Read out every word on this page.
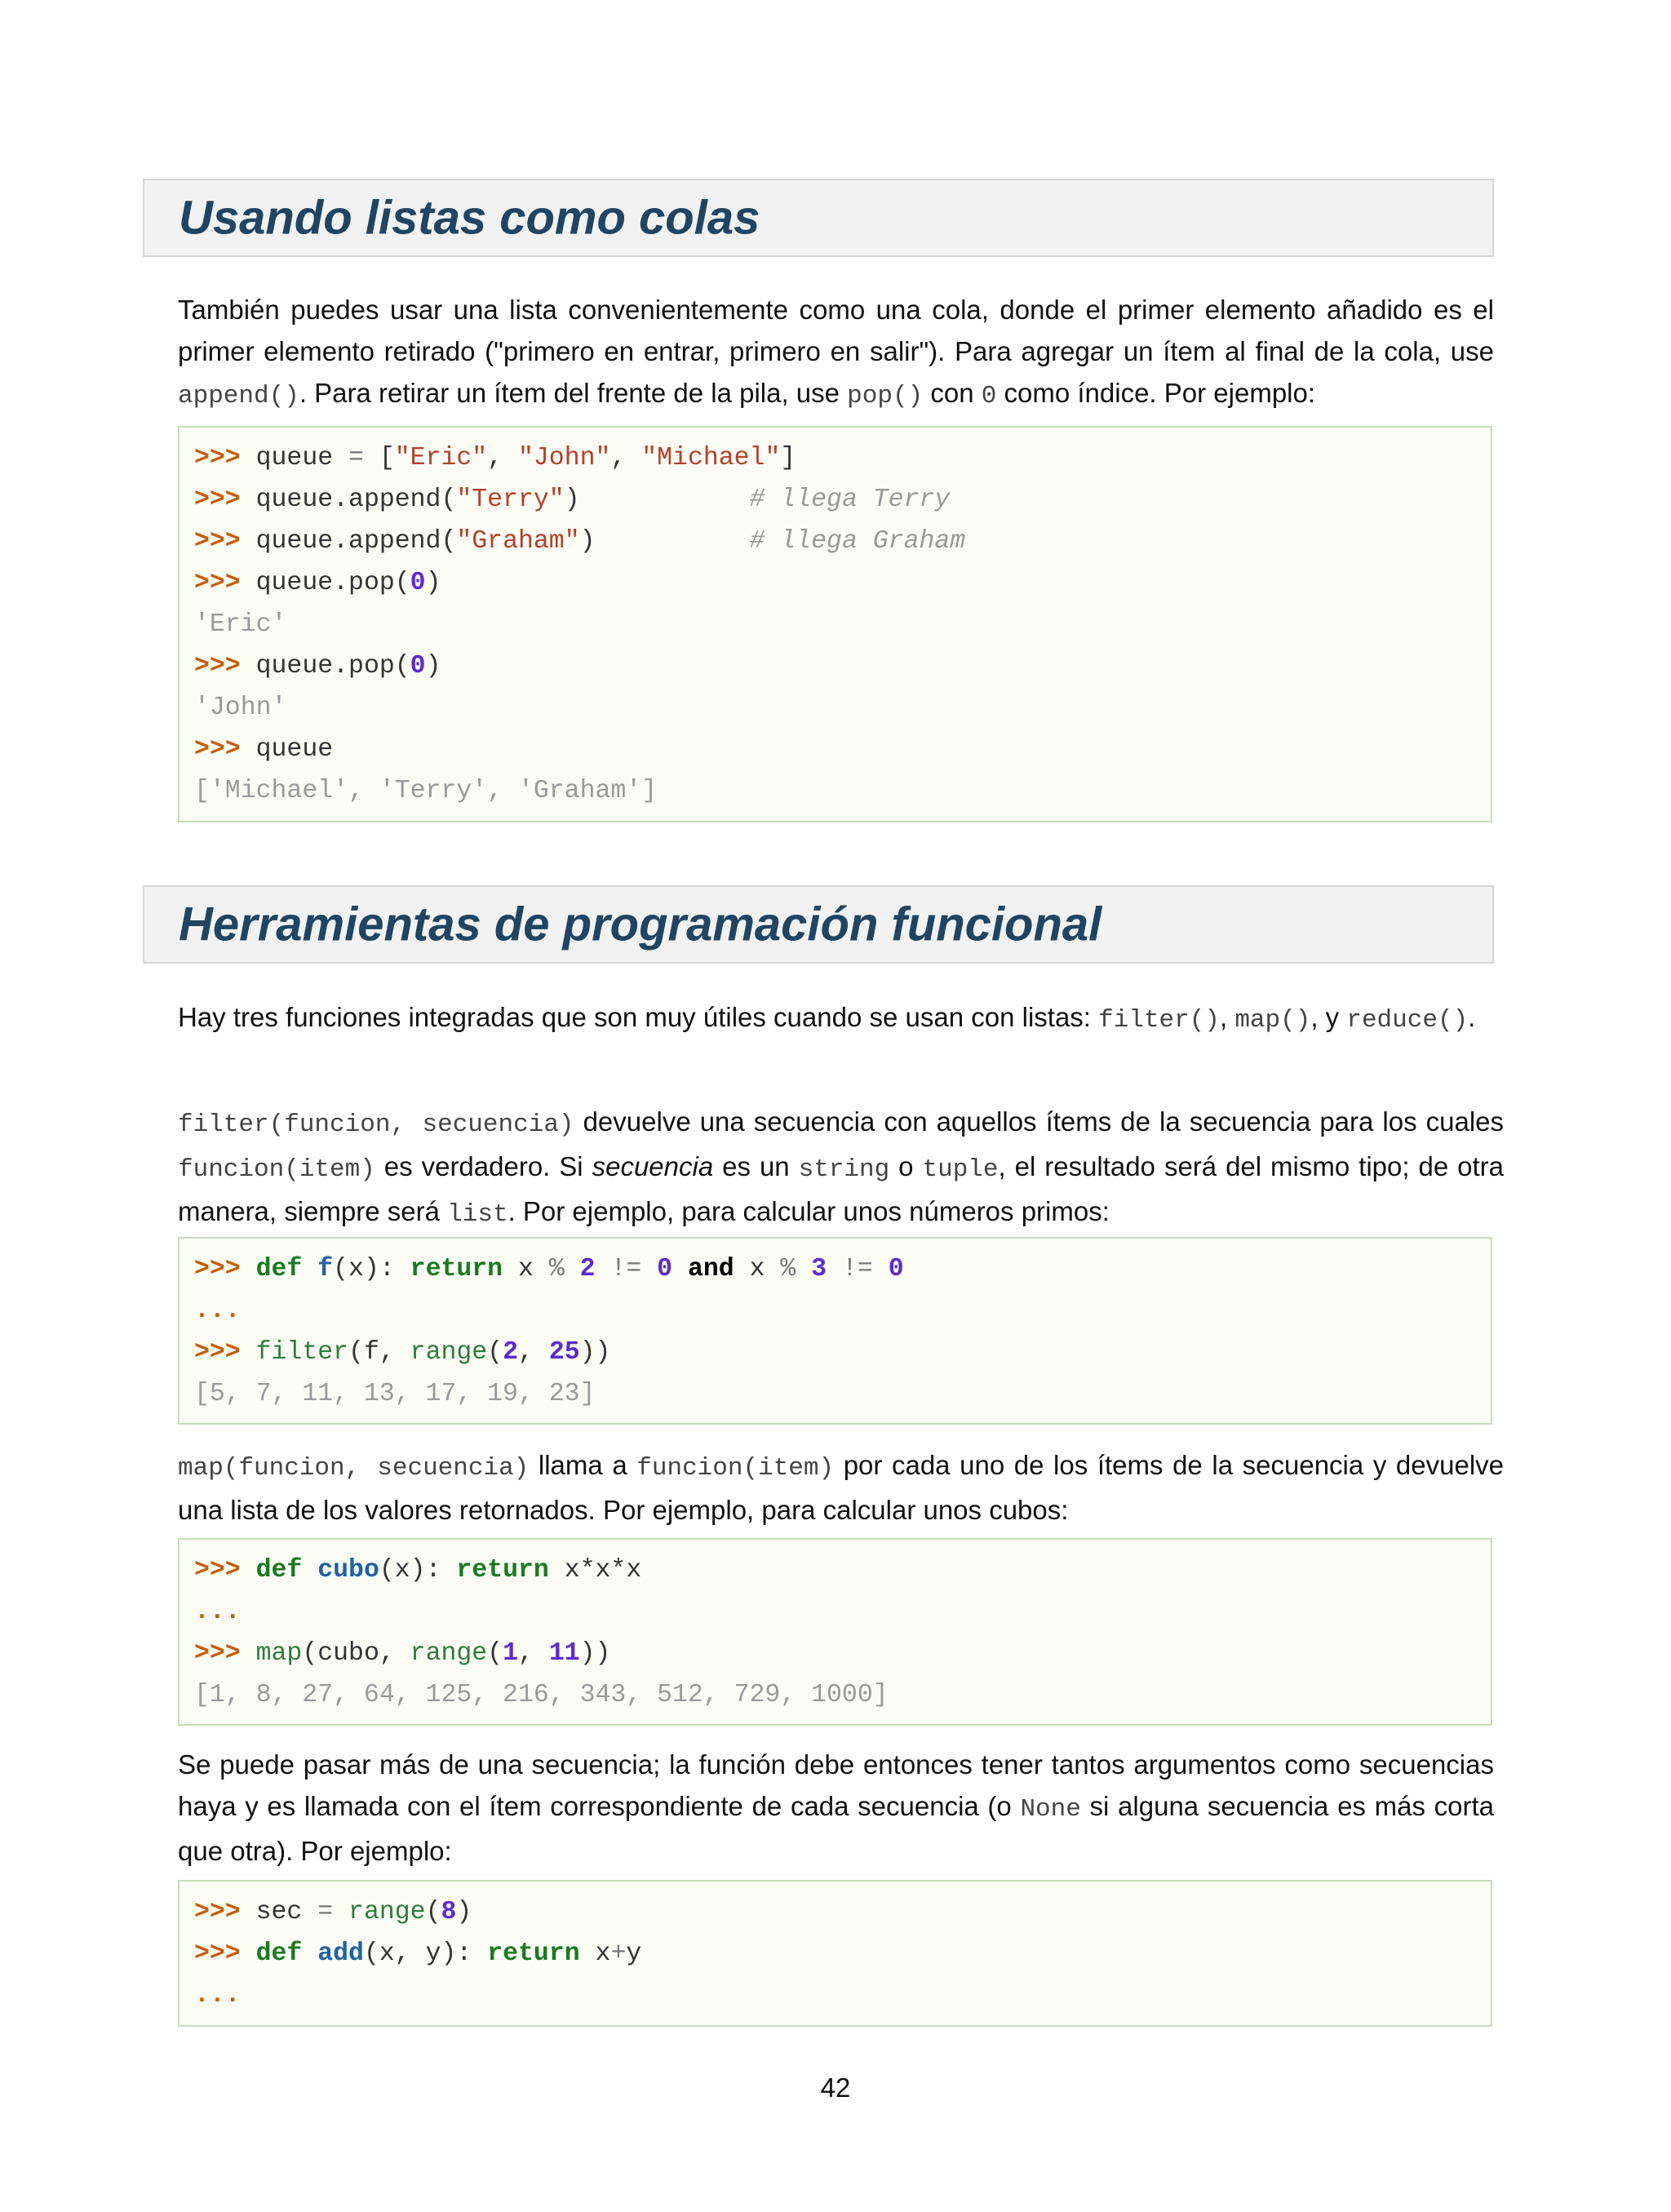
Usando listas como colas

También puedes usar una lista convenientemente como una cola, donde el primer elemento añadido es el primer elemento retirado ("primero en entrar, primero en salir"). Para agregar un ítem al final de la cola, use append(). Para retirar un ítem del frente de la pila, use pop() con 0 como índice. Por ejemplo:

>>> queue = ["Eric", "John", "Michael"]
>>> queue.append("Terry")           # llega Terry
>>> queue.append("Graham")          # llega Graham
>>> queue.pop(0)
'Eric'
>>> queue.pop(0)
'John'
>>> queue
['Michael', 'Terry', 'Graham']
Herramientas de programación funcional

Hay tres funciones integradas que son muy útiles cuando se usan con listas: filter(), map(), y reduce().

filter(funcion, secuencia) devuelve una secuencia con aquellos ítems de la secuencia para los cuales funcion(item) es verdadero. Si secuencia es un string o tuple, el resultado será del mismo tipo; de otra manera, siempre será list. Por ejemplo, para calcular unos números primos:

>>> def f(x): return x % 2 != 0 and x % 3 != 0
...
>>> filter(f, range(2, 25))
[5, 7, 11, 13, 17, 19, 23]

map(funcion, secuencia) llama a funcion(item) por cada uno de los ítems de la secuencia y devuelve una lista de los valores retornados. Por ejemplo, para calcular unos cubos:

>>> def cubo(x): return x*x*x
...
>>> map(cubo, range(1, 11))
[1, 8, 27, 64, 125, 216, 343, 512, 729, 1000]

Se puede pasar más de una secuencia; la función debe entonces tener tantos argumentos como secuencias haya y es llamada con el ítem correspondiente de cada secuencia (o None si alguna secuencia es más corta que otra). Por ejemplo:

>>> sec = range(8)
>>> def add(x, y): return x+y
...
42
